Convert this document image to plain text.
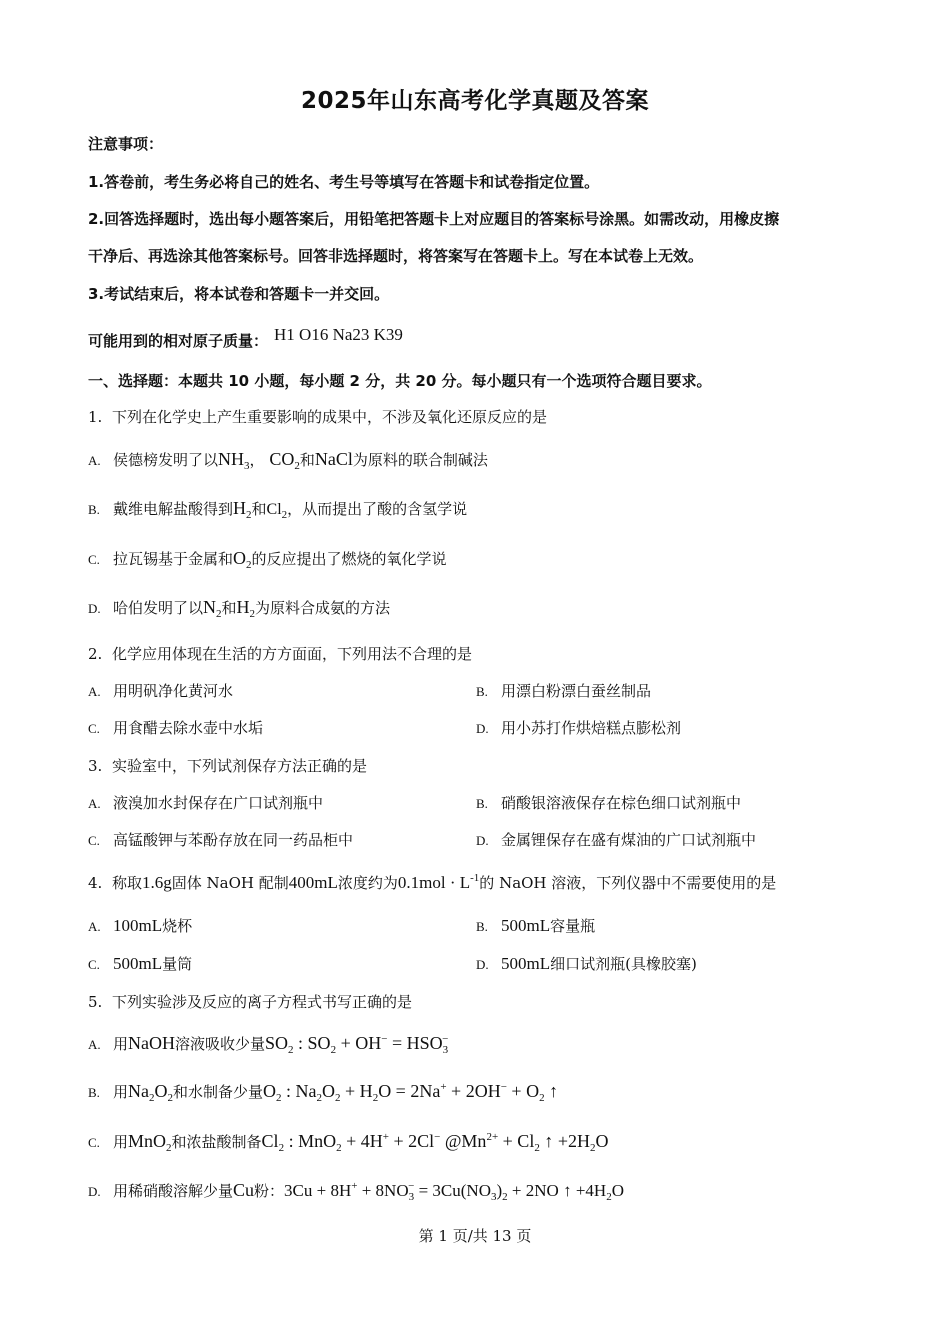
2025年山东高考化学真题及答案
注意事项：
1.答卷前，考生务必将自己的姓名、考生号等填写在答题卡和试卷指定位置。
2.回答选择题时，选出每小题答案后，用铅笔把答题卡上对应题目的答案标号涂黑。如需改动，用橡皮擦
干净后、再选涂其他答案标号。回答非选择题时，将答案写在答题卡上。写在本试卷上无效。
3.考试结束后，将本试卷和答题卡一并交回。
可能用到的相对原子质量： H1 O16 Na23 K39
一、选择题：本题共 10 小题，每小题 2 分，共 20 分。每小题只有一个选项符合题目要求。
1. 下列在化学史上产生重要影响的成果中，不涉及氧化还原反应的是
A. 侯德榜发明了以$NH_3$， $CO_2$和NaCl为原料的联合制碱法
B. 戴维电解盐酸得到$H_2$和$Cl_2$，从而提出了酸的含氢学说
C. 拉瓦锡基于金属和$O_2$的反应提出了燃烧的氧化学说
D. 哈伯发明了以$N_2$和$H_2$为原料合成氨的方法
2. 化学应用体现在生活的方方面面，下列用法不合理的是
A. 用明矾净化黄河水	B. 用漂白粉漂白蚕丝制品
C. 用食醋去除水壶中水垢	D. 用小苏打作烘焙糕点膨松剂
3. 实验室中，下列试剂保存方法正确的是
A. 液溴加水封保存在广口试剂瓶中	B. 硝酸银溶液保存在棕色细口试剂瓶中
C. 高锰酸钾与苯酚存放在同一药品柜中	D. 金属锂保存在盛有煤油的广口试剂瓶中
4. 称取1.6g固体 NaOH 配制400mL浓度约为$0.1mol \cdot L^{-1}$的 NaOH 溶液，下列仪器中不需要使用的是
A. 100mL烧杯	B. 500mL容量瓶
C. 500mL量筒	D. 500mL细口试剂瓶(具橡胶塞)
5. 下列实验涉及反应的离子方程式书写正确的是
A. 用NaOH溶液吸收少量$SO_2$ : $SO_2 + OH^- = HSO_3^-$
B. 用$Na_2O_2$和水制备少量$O_2$ : $Na_2O_2 + H_2O = 2Na^+ + 2OH^- + O_2$ ↑
C. 用MnO$_2$和浓盐酸制备$Cl_2$ : MnO$_2$ + 4H+ + 2Cl− $@Mn^{2+} + Cl_2$ ↑ $+2H_2O$
D. 用稀硝酸溶解少量Cu粉：$3Cu + 8H^+ + 8NO_3^- = 3Cu(NO_3)_2 + 2NO$ ↑ $+4H_2O$
第 1 页/共 13 页
